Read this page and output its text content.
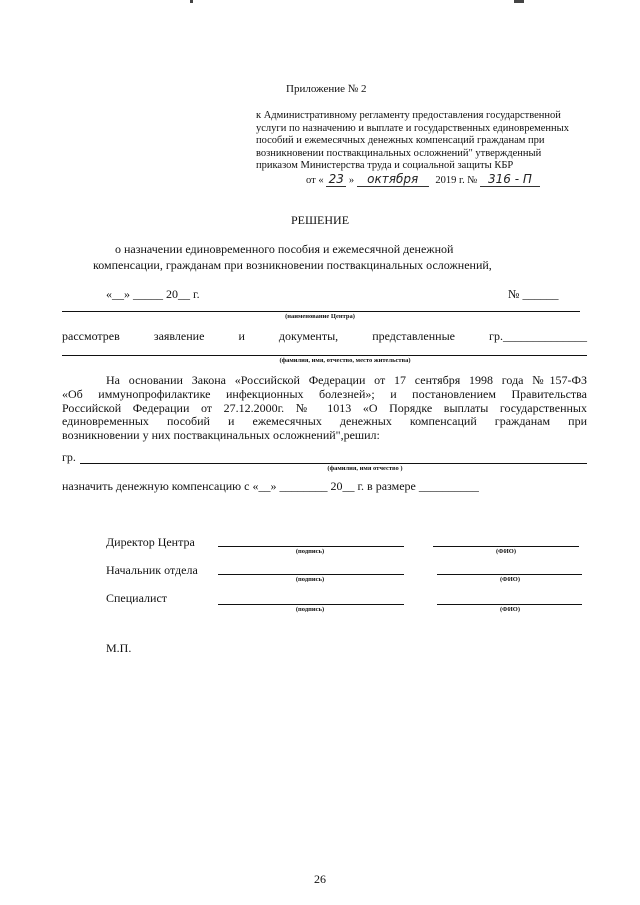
Приложение № 2
к Административному регламенту предоставления государственной
услуги по назначению и выплате и государственных единовременных
пособий и ежемесячных денежных компенсаций гражданам при
возникновении поствакцинальных осложнений" утвержденный
приказом Министерства труда и социальной защиты КБР
от « 23 » октября 2019 г. № 316 - П
РЕШЕНИЕ
о назначении единовременного пособия и ежемесячной денежной
компенсации, гражданам при возникновении поствакцинальных осложнений,
«__» _____ 20__ г.	№ ______
(наименование Центра)
рассмотрев	заявление	и	документы,	представленные	гр.______________
(фамилия, имя, отчество, место жительства)
На основании Закона «Российской Федерации от 17 сентября 1998 года №157-ФЗ
«Об иммунопрофилактике инфекционных болезней»; и постановлением Правительства
Российской Федерации от 27.12.2000г. № 1013 «О Порядке выплаты государственных
единовременных пособий и ежемесячных денежных компенсаций гражданам при
возникновении у них поствакцинальных осложнений",решил:
гр.
(фамилия, имя отчество )
назначить денежную компенсацию с «__» ________ 20__ г. в размере __________
Директор Центра
(подпись)	(ФИО)
Начальник отдела
(подпись)	(ФИО)
Специалист
(подпись)	(ФИО)
М.П.
26
